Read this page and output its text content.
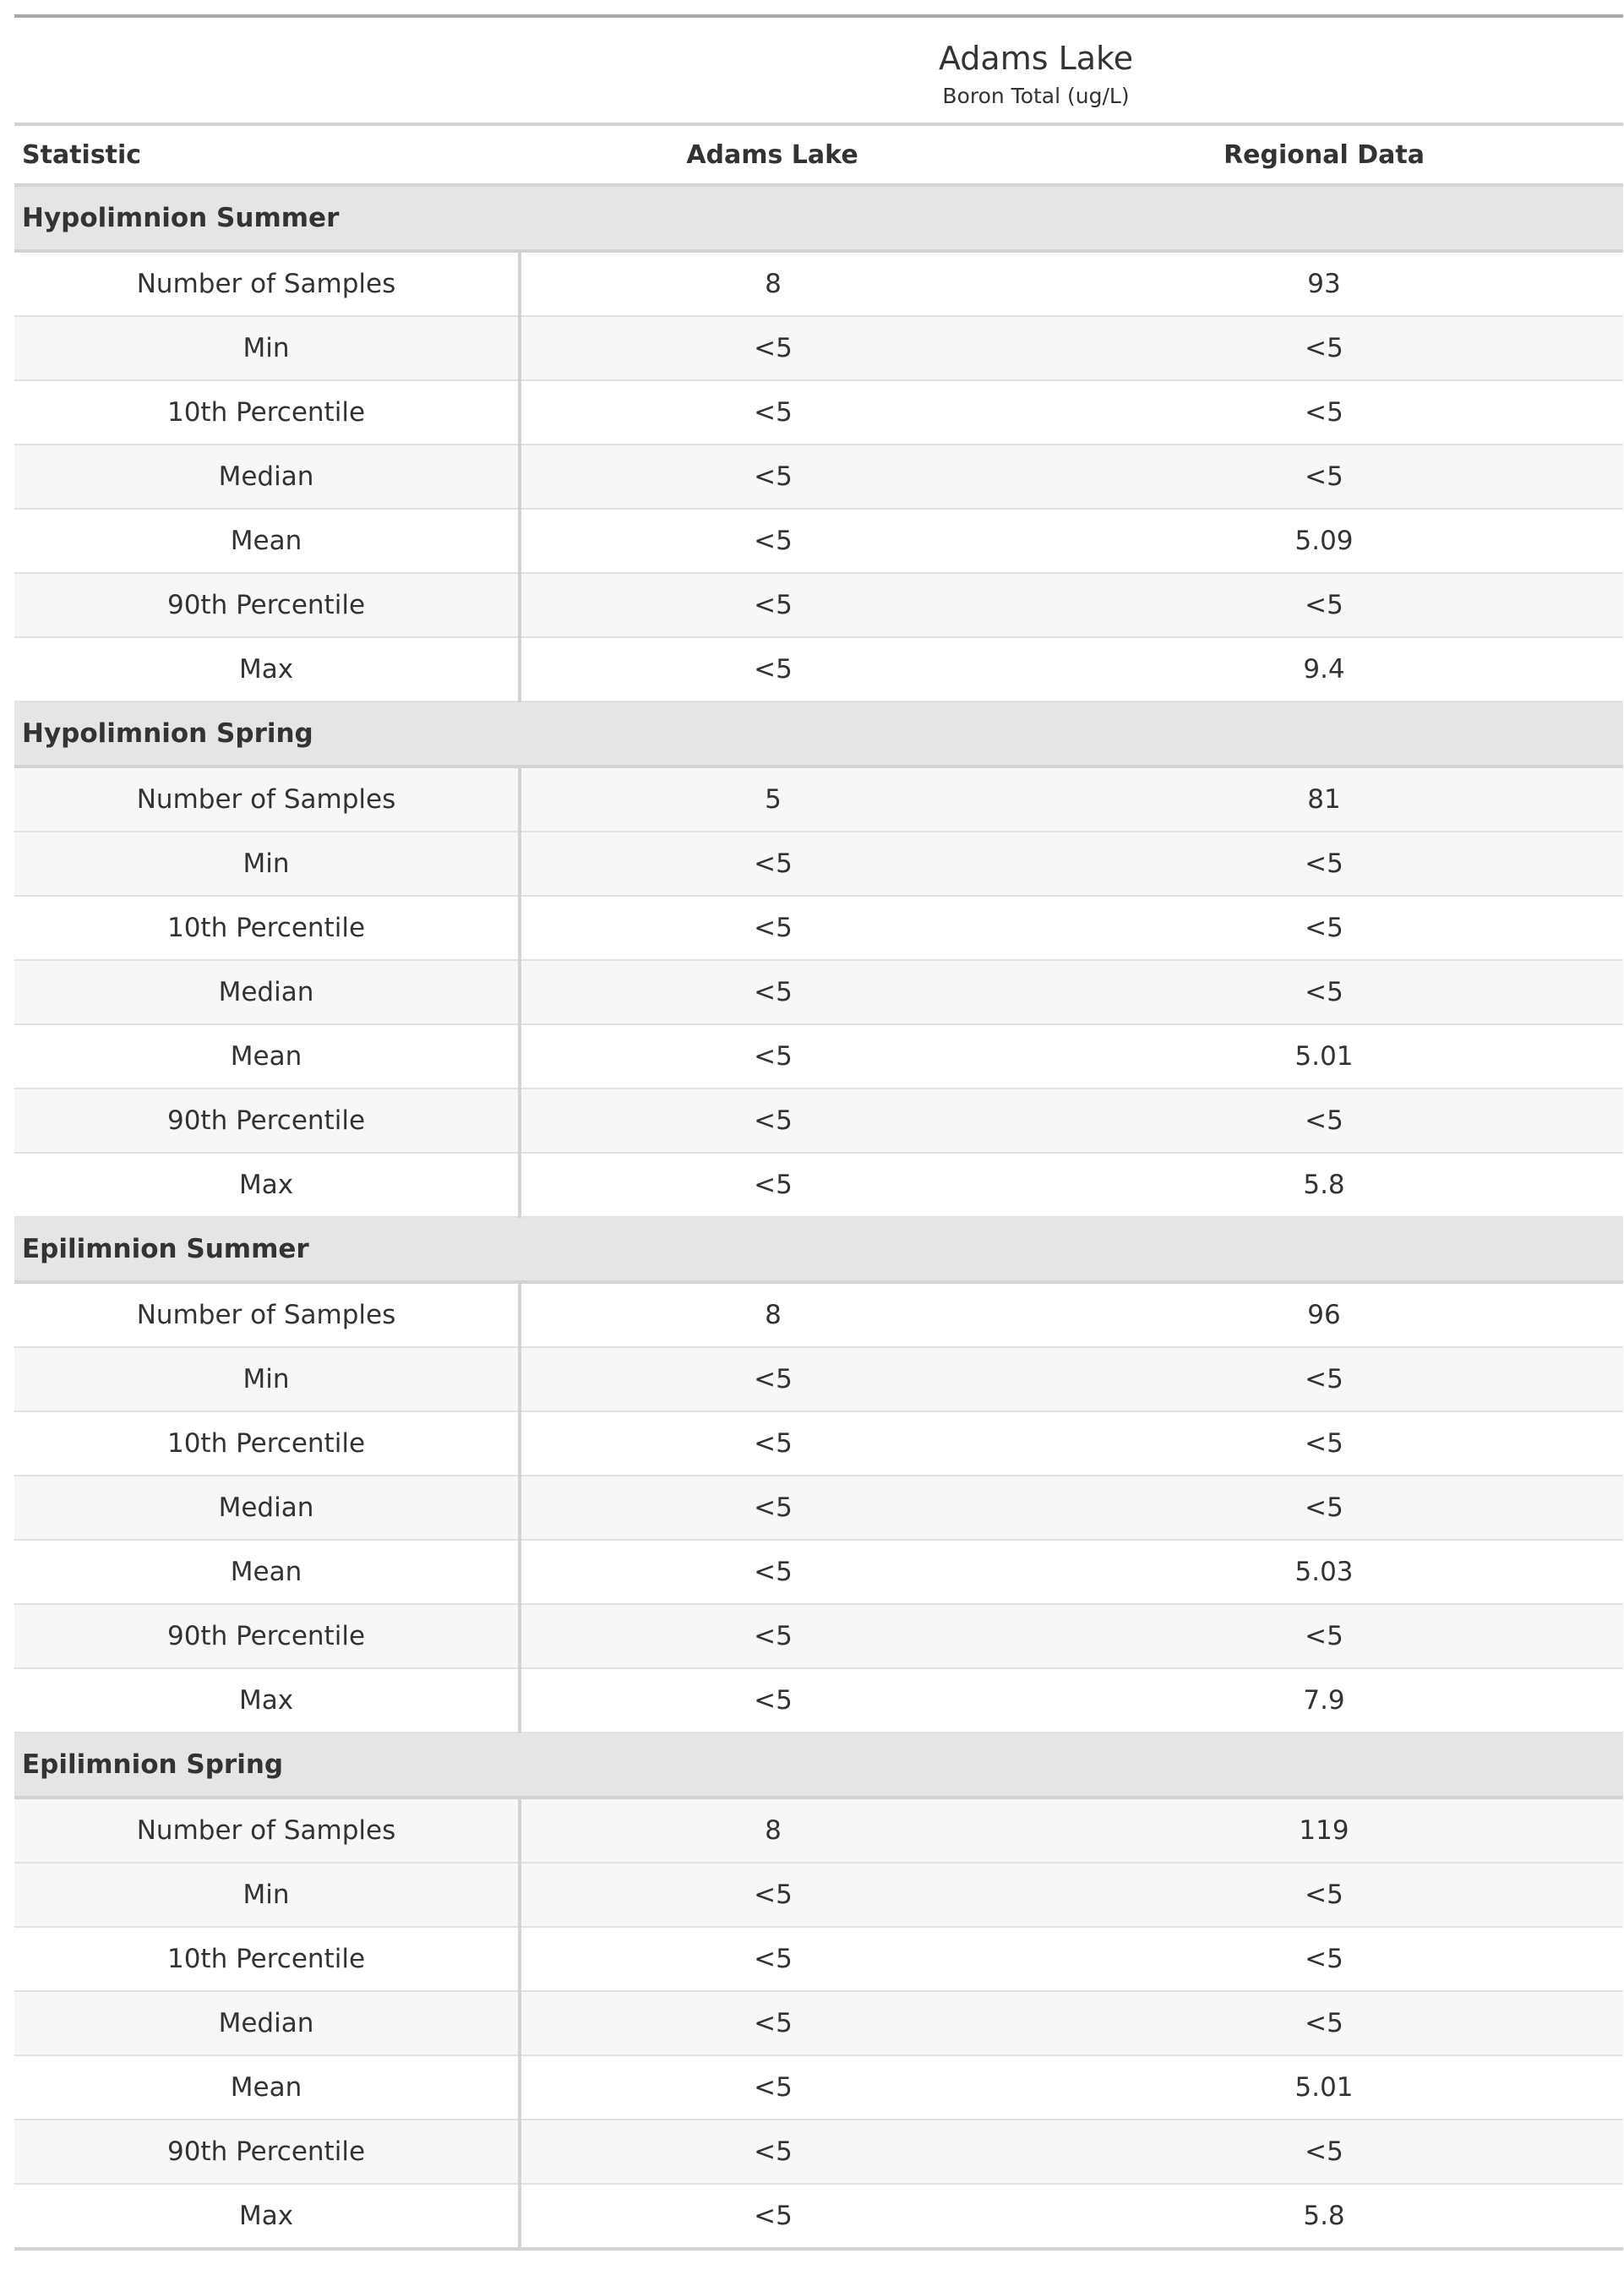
Adams Lake
Boron Total (ug/L)		

Statistic	Adams Lake	Regional Data
Hypolimnion Summer		
Number of Samples	8	93
Min	<5	<5
10th Percentile	<5	<5
Median	<5	<5
Mean	<5	5.09
90th Percentile	<5	<5
Max	<5	9.4
Hypolimnion Spring		
Number of Samples	5	81
Min	<5	<5
10th Percentile	<5	<5
Median	<5	<5
Mean	<5	5.01
90th Percentile	<5	<5
Max	<5	5.8
Epilimnion Summer		
Number of Samples	8	96
Min	<5	<5
10th Percentile	<5	<5
Median	<5	<5
Mean	<5	5.03
90th Percentile	<5	<5
Max	<5	7.9
Epilimnion Spring		
Number of Samples	8	119
Min	<5	<5
10th Percentile	<5	<5
Median	<5	<5
Mean	<5	5.01
90th Percentile	<5	<5
Max	<5	5.8
